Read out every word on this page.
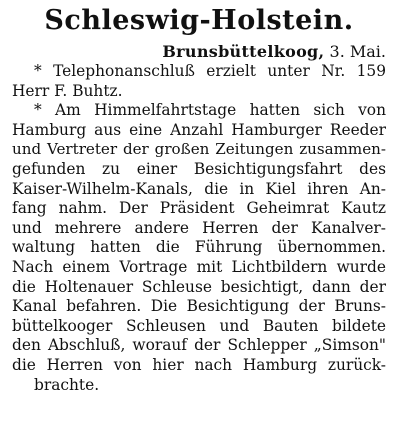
Schleswig-Holstein.
Brunsbüttelkoog, 3. Mai.
* Telephonanschluß erzielt unter Nr. 159
Herr F. Buhtz.
* Am Himmelfahrtstage hatten sich von
Hamburg aus eine Anzahl Hamburger Reeder
und Vertreter der großen Zeitungen zusammen-
gefunden zu einer Besichtigungsfahrt des
Kaiser-Wilhelm-Kanals, die in Kiel ihren An-
fang nahm. Der Präsident Geheimrat Kautz
und mehrere andere Herren der Kanalver-
waltung hatten die Führung übernommen.
Nach einem Vortrage mit Lichtbildern wurde
die Holtenauer Schleuse besichtigt, dann der
Kanal befahren. Die Besichtigung der Bruns-
büttelkooger Schleusen und Bauten bildete
den Abschluß, worauf der Schlepper „Simson"
die Herren von hier nach Hamburg zurück-
brachte.
